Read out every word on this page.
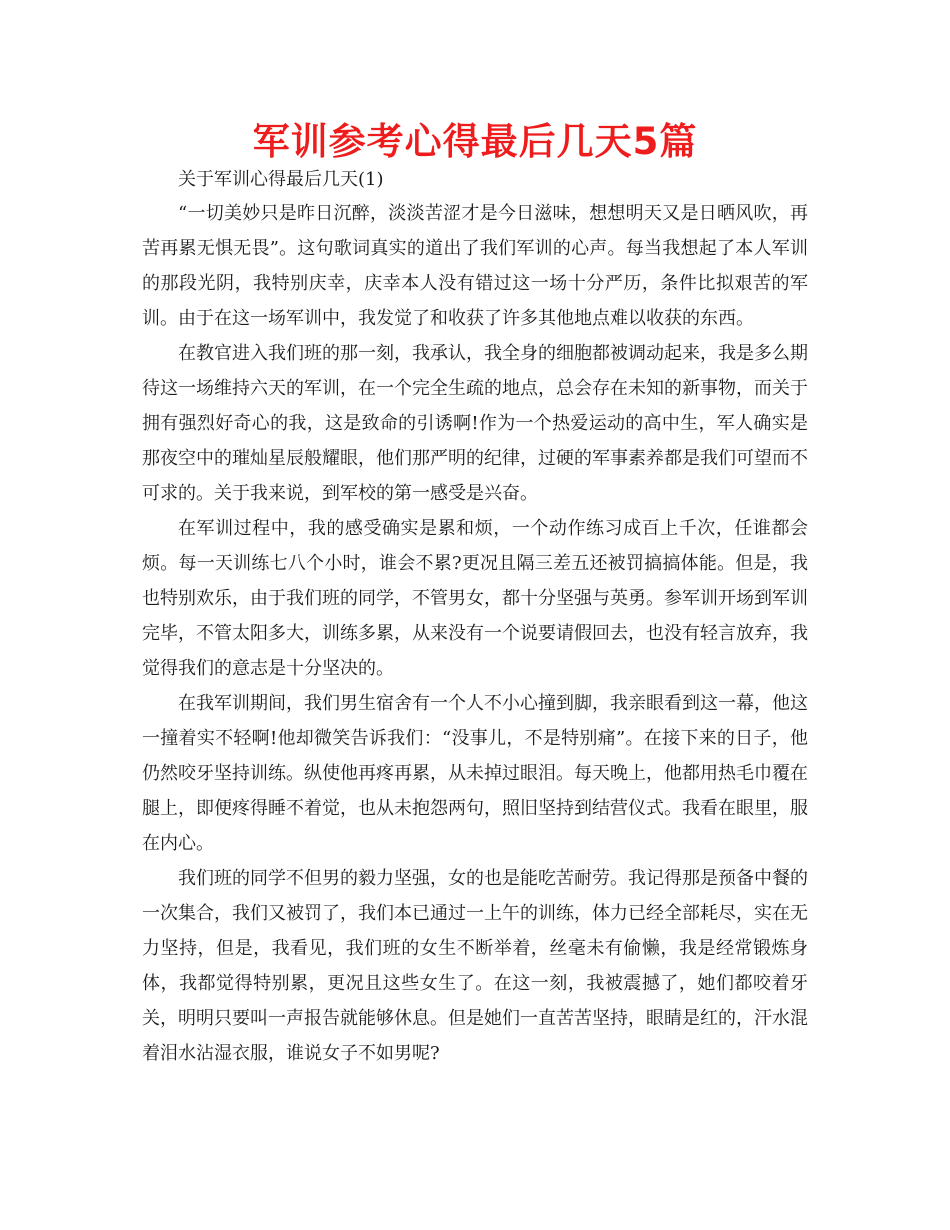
军训参考心得最后几天5篇

关于军训心得最后几天(1)

“一切美妙只是昨日沉醉，淡淡苦涩才是今日滋味，想想明天又是日晒风吹，再苦再累无惧无畏”。这句歌词真实的道出了我们军训的心声。每当我想起了本人军训的那段光阴，我特别庆幸，庆幸本人没有错过这一场十分严历，条件比拟艰苦的军训。由于在这一场军训中，我发觉了和收获了许多其他地点难以收获的东西。

在教官进入我们班的那一刻，我承认，我全身的细胞都被调动起来，我是多么期待这一场维持六天的军训，在一个完全生疏的地点，总会存在未知的新事物，而关于拥有强烈好奇心的我，这是致命的引诱啊!作为一个热爱运动的高中生，军人确实是那夜空中的璀灿星辰般耀眼，他们那严明的纪律，过硬的军事素养都是我们可望而不可求的。关于我来说，到军校的第一感受是兴奋。

在军训过程中，我的感受确实是累和烦，一个动作练习成百上千次，任谁都会烦。每一天训练七八个小时，谁会不累?更况且隔三差五还被罚搞搞体能。但是，我也特别欢乐，由于我们班的同学，不管男女，都十分坚强与英勇。参军训开场到军训完毕，不管太阳多大，训练多累，从来没有一个说要请假回去，也没有轻言放弃，我觉得我们的意志是十分坚决的。

在我军训期间，我们男生宿舍有一个人不小心撞到脚，我亲眼看到这一幕，他这一撞着实不轻啊!他却微笑告诉我们：“没事儿，不是特别痛”。在接下来的日子，他仍然咬牙坚持训练。纵使他再疼再累，从未掉过眼泪。每天晚上，他都用热毛巾覆在腿上，即便疼得睡不着觉，也从未抱怨两句，照旧坚持到结营仪式。我看在眼里，服在内心。

我们班的同学不但男的毅力坚强，女的也是能吃苦耐劳。我记得那是预备中餐的一次集合，我们又被罚了，我们本已通过一上午的训练，体力已经全部耗尽，实在无力坚持，但是，我看见，我们班的女生不断举着，丝毫未有偷懒，我是经常锻炼身体，我都觉得特别累，更况且这些女生了。在这一刻，我被震撼了，她们都咬着牙关，明明只要叫一声报告就能够休息。但是她们一直苦苦坚持，眼睛是红的，汗水混着泪水沾湿衣服，谁说女子不如男呢?
